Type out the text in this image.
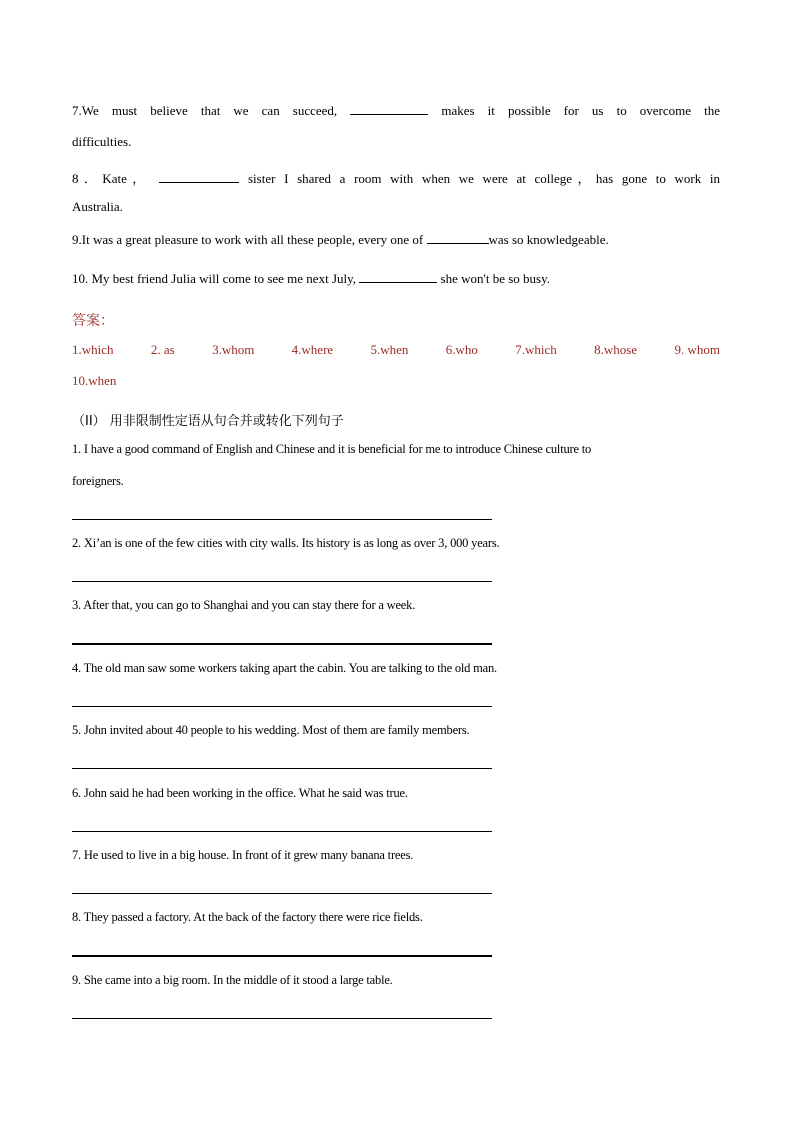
7.We must believe that we can succeed,	makes it possible for us to overcome the
difficulties.
8．Kate，	sister I shared a room with when we were at college，has gone to work in
Australia.
9.It was a great pleasure to work with all these people, every one of	was so knowledgeable.
10. My best friend Julia will come to see me next July,	she won't be so busy.
答案：
1.which	2. as	3.whom	4.where	5.when	6.who	7.which	8.whose	9. whom
10.when
（II） 用非限制性定语从句合并或转化下列句子
1. I have a good command of English and Chinese and it is beneficial for me to introduce Chinese culture to
foreigners.
2. Xi’an is one of the few cities with city walls. Its history is as long as over 3, 000 years.
3. After that, you can go to Shanghai and you can stay there for a week.
4. The old man saw some workers taking apart the cabin. You are talking to the old man.
5. John invited about 40 people to his wedding. Most of them are family members.
6. John said he had been working in the office. What he said was true.
7. He used to live in a big house. In front of it grew many banana trees.
8. They passed a factory. At the back of the factory there were rice fields.
9. She came into a big room. In the middle of it stood a large table.
